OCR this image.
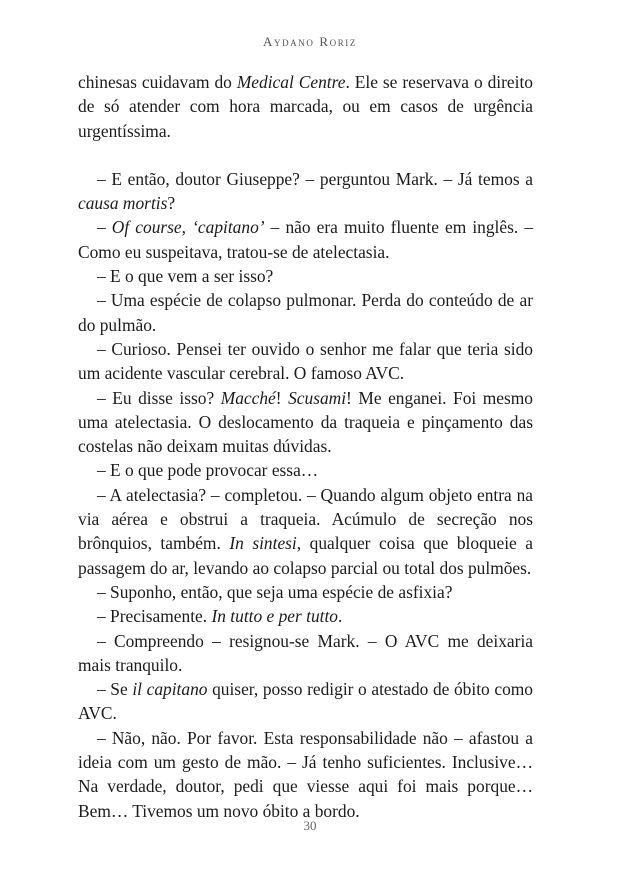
Aydano Roriz

chinesas cuidavam do Medical Centre. Ele se reservava o direito de só atender com hora marcada, ou em casos de urgência urgentíssima.

– E então, doutor Giuseppe? – perguntou Mark. – Já temos a causa mortis?

– Of course, ‘capitano’ – não era muito fluente em inglês. – Como eu suspeitava, tratou-se de atelectasia.

– E o que vem a ser isso?

– Uma espécie de colapso pulmonar. Perda do conteúdo de ar do pulmão.

– Curioso. Pensei ter ouvido o senhor me falar que teria sido um acidente vascular cerebral. O famoso AVC.

– Eu disse isso? Macché! Scusami! Me enganei. Foi mesmo uma atelectasia. O deslocamento da traqueia e pinçamento das costelas não deixam muitas dúvidas.

– E o que pode provocar essa…

– A atelectasia? – completou. – Quando algum objeto entra na via aérea e obstrui a traqueia. Acúmulo de secreção nos brônquios, também. In sintesi, qualquer coisa que bloqueie a passagem do ar, levando ao colapso parcial ou total dos pulmões.

– Suponho, então, que seja uma espécie de asfixia?

– Precisamente. In tutto e per tutto.

– Compreendo – resignou-se Mark. – O AVC me deixaria mais tranquilo.

– Se il capitano quiser, posso redigir o atestado de óbito como AVC.

– Não, não. Por favor. Esta responsabilidade não – afastou a ideia com um gesto de mão. – Já tenho suficientes. Inclusive… Na verdade, doutor, pedi que viesse aqui foi mais porque… Bem… Tivemos um novo óbito a bordo.

30
